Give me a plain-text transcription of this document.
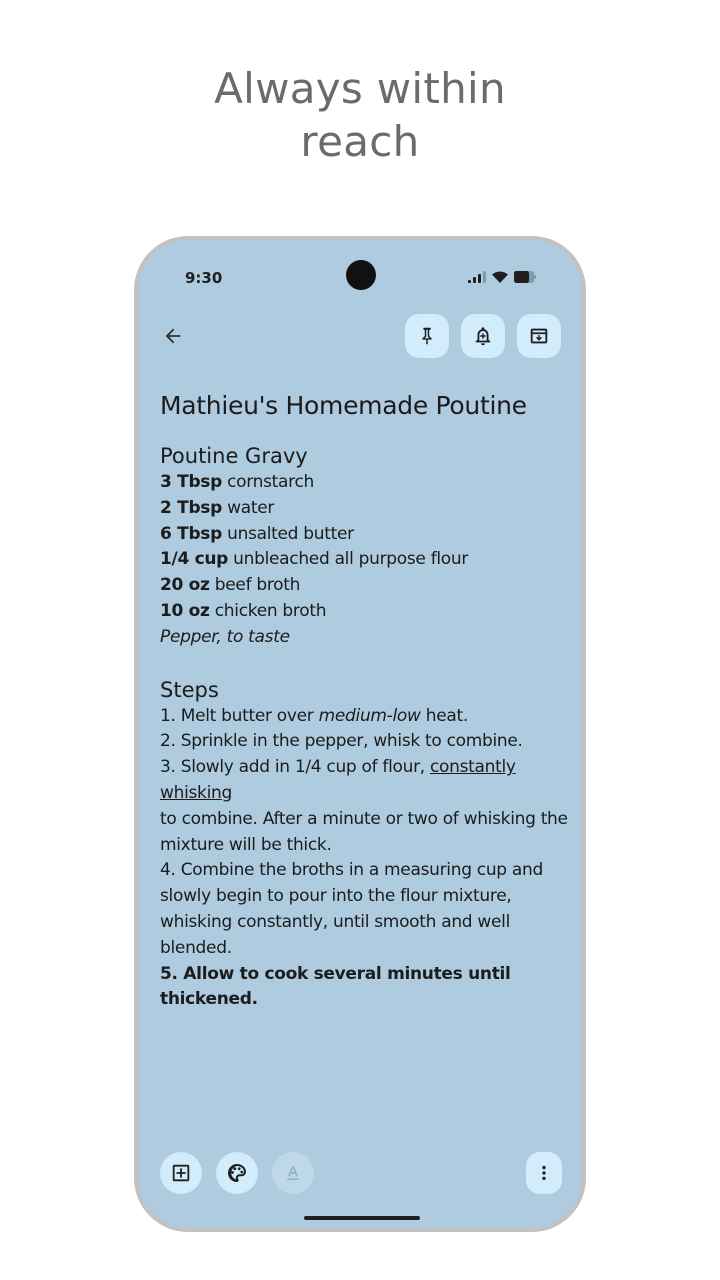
Always within
reach
9:30
Mathieu's Homemade Poutine
Poutine Gravy
3 Tbsp cornstarch
2 Tbsp water
6 Tbsp unsalted butter
1/4 cup unbleached all purpose flour
20 oz beef broth
10 oz chicken broth
Pepper, to taste
Steps
1. Melt butter over medium-low heat.
2. Sprinkle in the pepper, whisk to combine.
3. Slowly add in 1/4 cup of flour, constantly whisking
to combine. After a minute or two of whisking the
mixture will be thick.
4. Combine the broths in a measuring cup and
slowly begin to pour into the flour mixture,
whisking constantly, until smooth and well
blended.
5. Allow to cook several minutes until
thickened.
